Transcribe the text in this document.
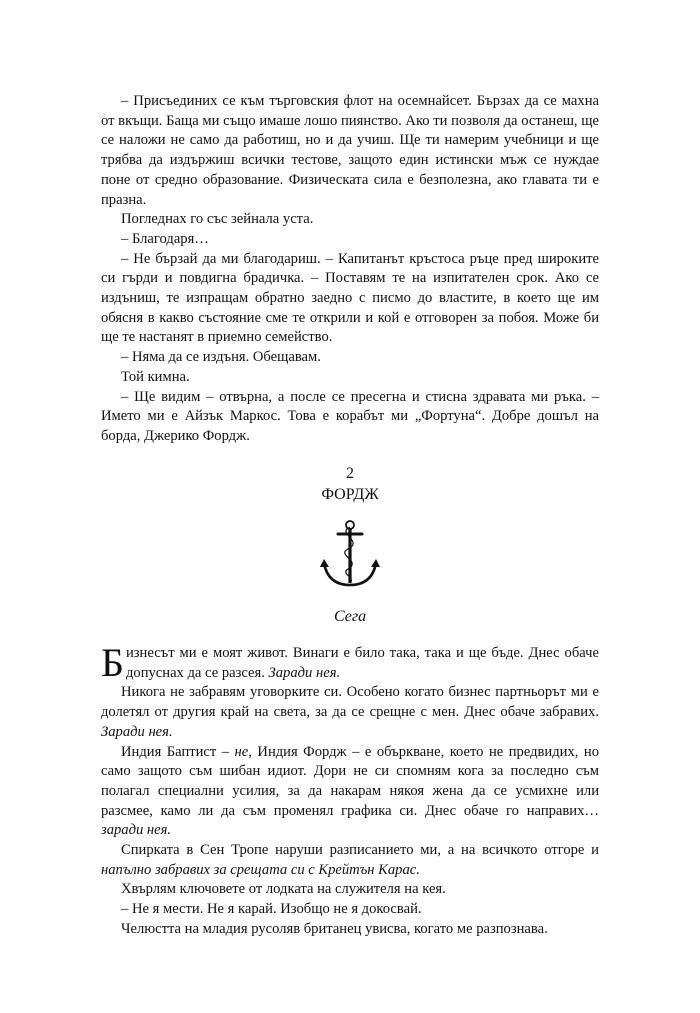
– Присъединих се към търговския флот на осемнайсет. Бързах да се махна от вкъщи. Баща ми също имаше лошо пиянство. Ако ти позволя да останеш, ще се наложи не само да работиш, но и да учиш. Ще ти намерим учебници и ще трябва да издържиш всички тестове, защото един истински мъж се нуждае поне от средно образование. Физическата сила е безполезна, ако главата ти е празна.

Погледнах го със зейнала уста.

– Благодаря…

– Не бързай да ми благодариш. – Капитанът кръстоса ръце пред широките си гърди и повдигна брадичка. – Поставям те на изпитателен срок. Ако се издъниш, те изпращам обратно заедно с писмо до властите, в което ще им обясня в какво състояние сме те открили и кой е отговорен за побоя. Може би ще те настанят в приемно семейство.

– Няма да се издъня. Обещавам.

Той кимна.

– Ще видим – отвърна, а после се пресегна и стисна здравата ми ръка. – Името ми е Айзък Маркос. Това е корабът ми „Фортуна“. Добре дошъл на борда, Джерико Фордж.

2
ФОРДЖ
Сега

Бизнесът ми е моят живот. Винаги е било така, така и ще бъде. Днес обаче допуснах да се разсея. Заради нея.

Никога не забравям уговорките си. Особено когато бизнес партньорът ми е долетял от другия край на света, за да се срещне с мен. Днес обаче забравих. Заради нея.

Индия Баптист – не, Индия Фордж – е объркване, което не предвидих, но само защото съм шибан идиот. Дори не си спомням кога за последно съм полагал специални усилия, за да накарам някоя жена да се усмихне или разсмее, камо ли да съм променял графика си. Днес обаче го направих… заради нея.

Спирката в Сен Тропе наруши разписанието ми, а на всичкото отгоре и напълно забравих за срещата си с Крейтън Карас.

Хвърлям ключовете от лодката на служителя на кея.

– Не я мести. Не я карай. Изобщо не я докосвай.

Челюстта на младия русоляв британец увисва, когато ме разпознава.
